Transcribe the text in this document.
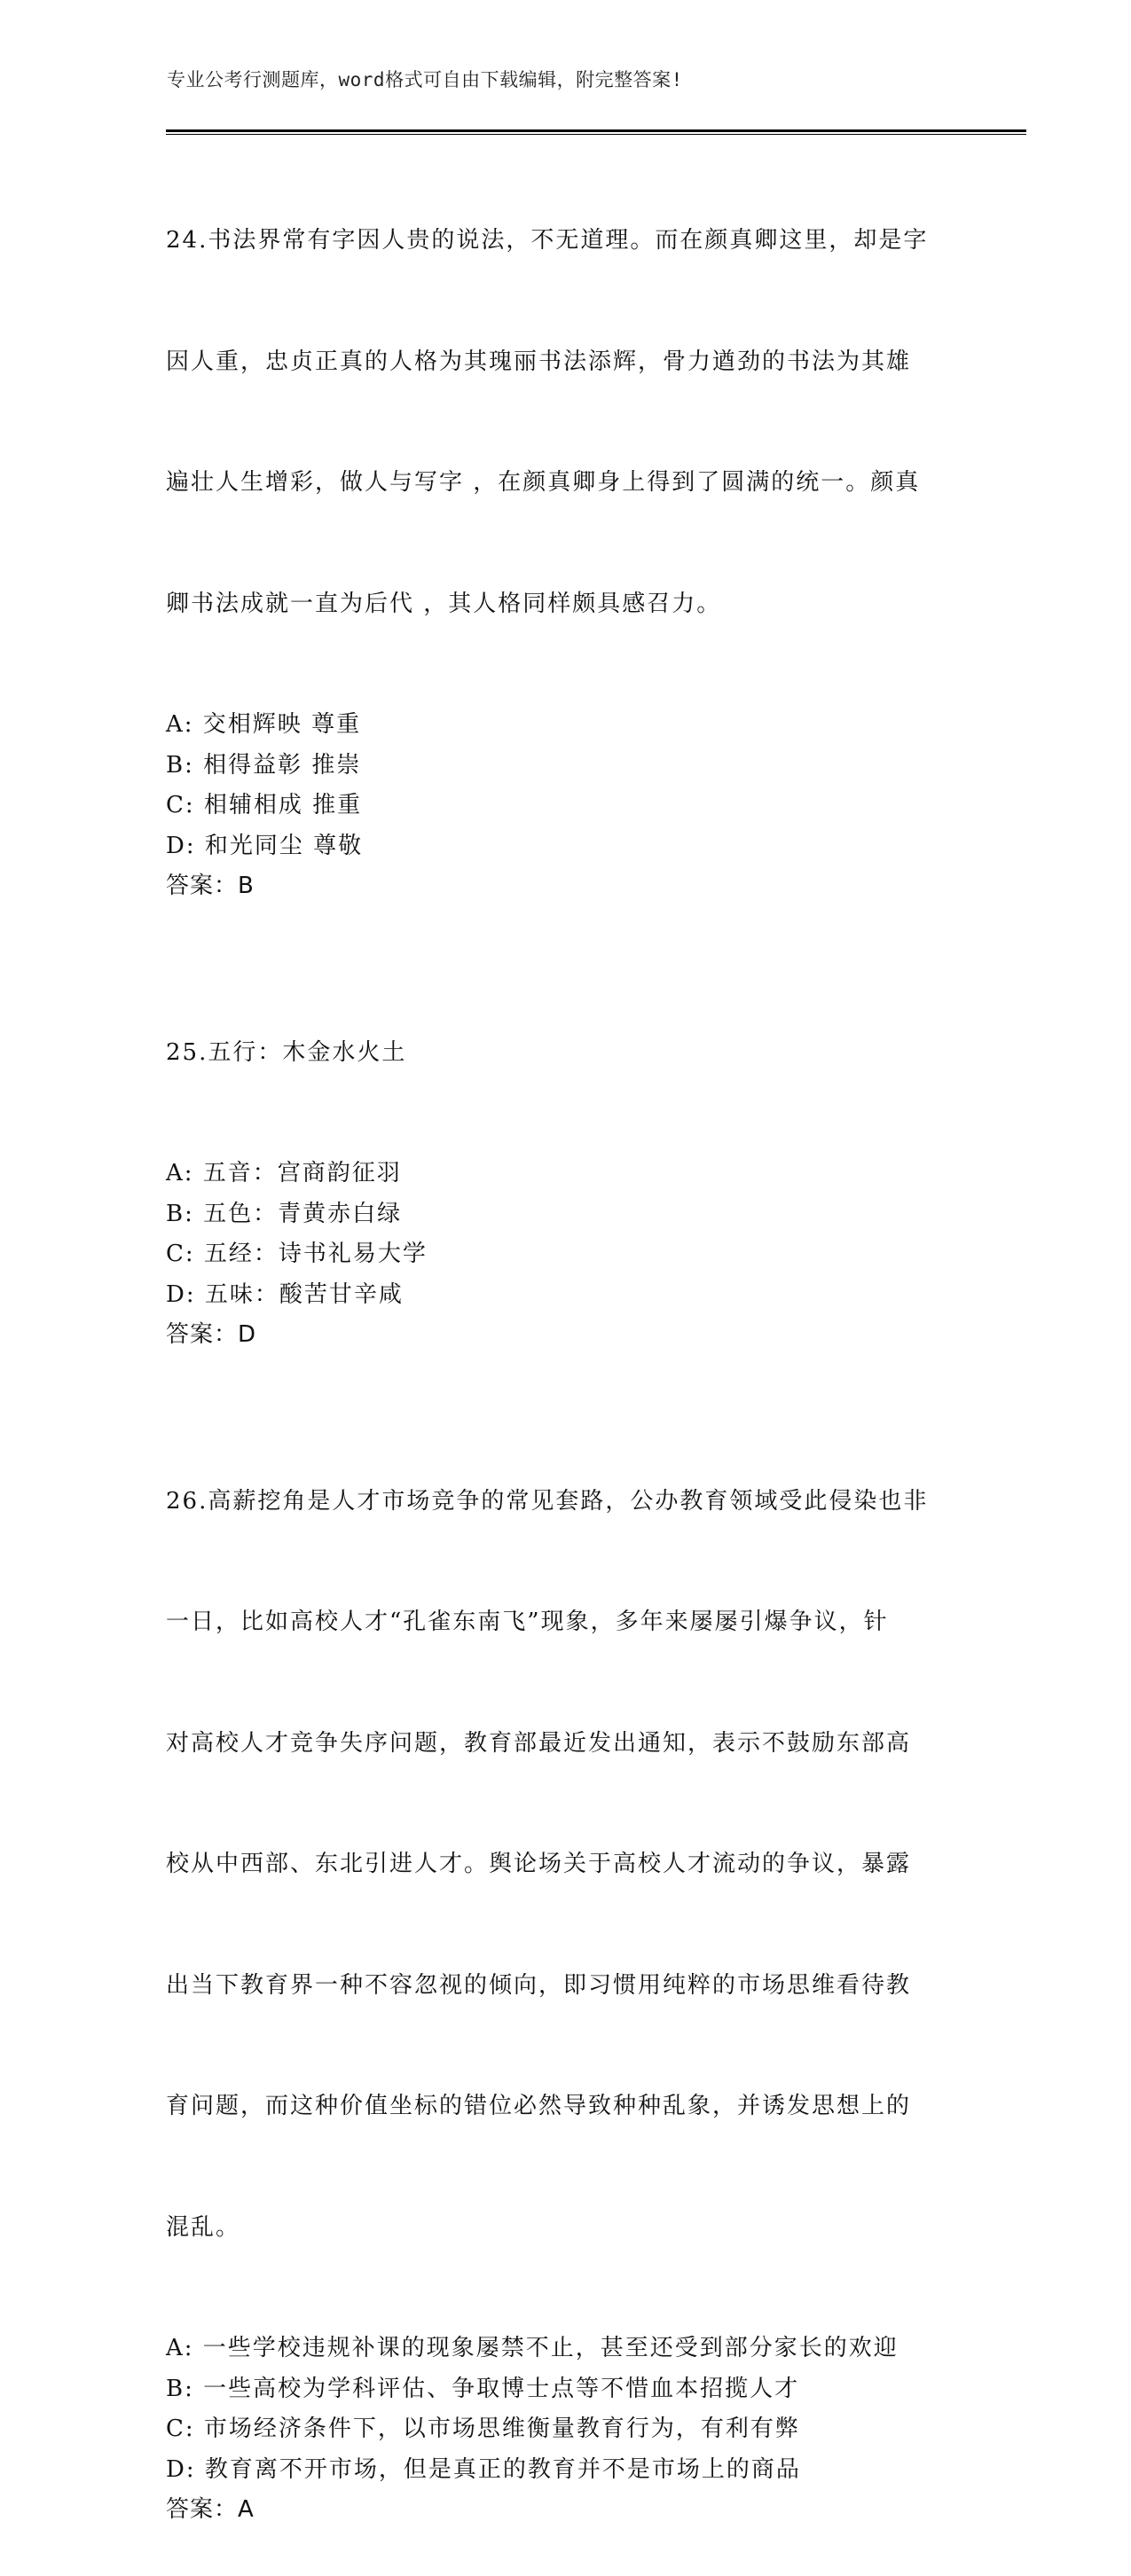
专业公考行测题库，word格式可自由下载编辑，附完整答案!

24.书法界常有字因人贵的说法，不无道理。而在颜真卿这里，却是字

因人重，忠贞正真的人格为其瑰丽书法添辉，骨力遒劲的书法为其雄

遍壮人生增彩，做人与写字 ，在颜真卿身上得到了圆满的统一。颜真

卿书法成就一直为后代 ，其人格同样颇具感召力。

A: 交相辉映 尊重
B: 相得益彰 推崇
C: 相辅相成 推重
D: 和光同尘 尊敬
答案：B

25.五行：木金水火土

A: 五音：宫商韵征羽
B: 五色：青黄赤白绿
C: 五经：诗书礼易大学
D: 五味：酸苦甘辛咸
答案：D

26.高薪挖角是人才市场竞争的常见套路，公办教育领域受此侵染也非

一日，比如高校人才“孔雀东南飞”现象，多年来屡屡引爆争议，针

对高校人才竞争失序问题，教育部最近发出通知，表示不鼓励东部高

校从中西部、东北引进人才。舆论场关于高校人才流动的争议，暴露

出当下教育界一种不容忽视的倾向，即习惯用纯粹的市场思维看待教

育问题，而这种价值坐标的错位必然导致种种乱象，并诱发思想上的

混乱。

A: 一些学校违规补课的现象屡禁不止，甚至还受到部分家长的欢迎
B: 一些高校为学科评估、争取博士点等不惜血本招揽人才
C: 市场经济条件下，以市场思维衡量教育行为，有利有弊
D: 教育离不开市场，但是真正的教育并不是市场上的商品
答案：A
